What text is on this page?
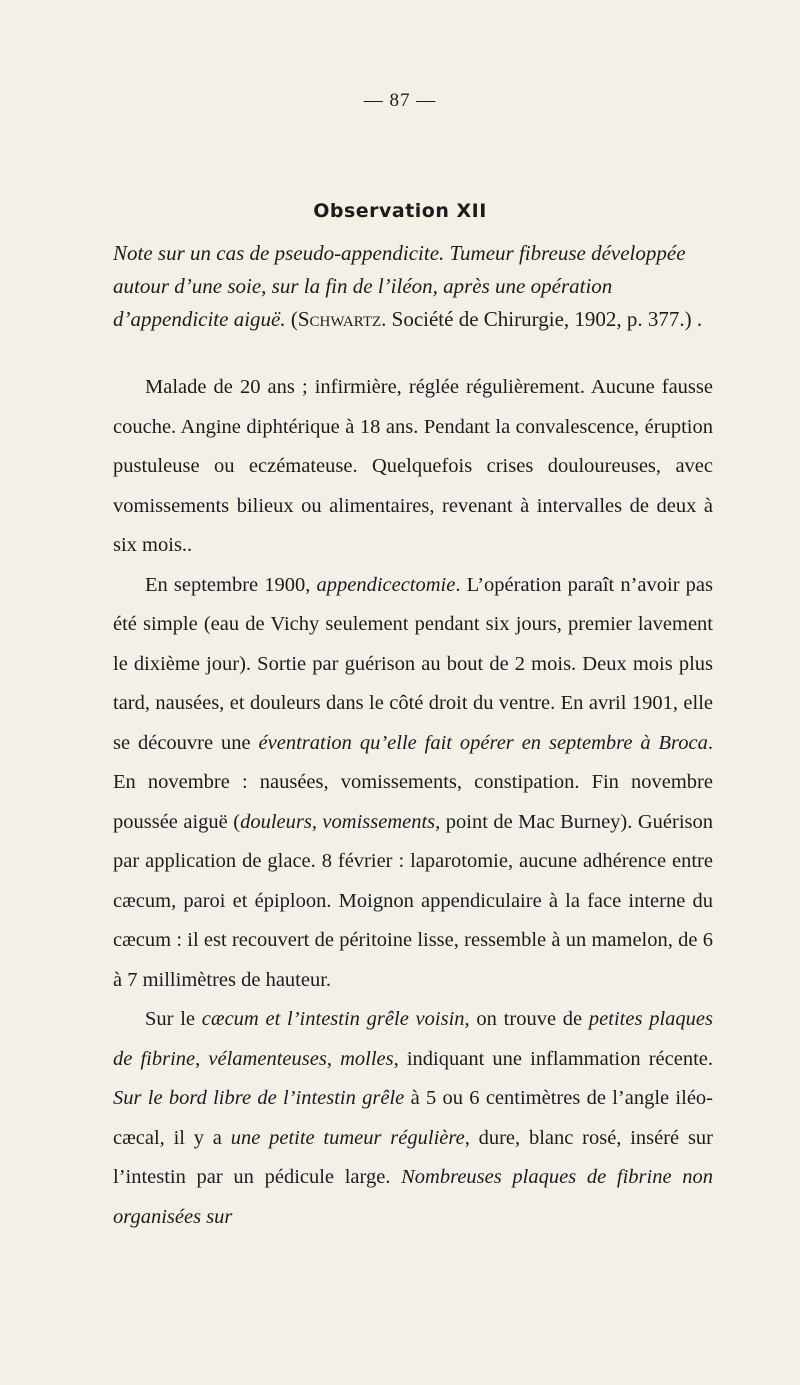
— 87 —
Observation XII

Note sur un cas de pseudo-appendicite. Tumeur fibreuse développée autour d’une soie, sur la fin de l’iléon, après une opération d’appendicite aiguë. (Schwartz. Société de Chirurgie, 1902, p. 377.) .

Malade de 20 ans ; infirmière, réglée régulièrement. Aucune fausse couche. Angine diphtérique à 18 ans. Pendant la convalescence, éruption pustuleuse ou eczémateuse. Quelquefois crises douloureuses, avec vomissements bilieux ou alimentaires, revenant à intervalles de deux à six mois..

En septembre 1900, appendicectomie. L’opération paraît n’avoir pas été simple (eau de Vichy seulement pendant six jours, premier lavement le dixième jour). Sortie par guérison au bout de 2 mois. Deux mois plus tard, nausées, et douleurs dans le côté droit du ventre. En avril 1901, elle se découvre une éventration qu’elle fait opérer en septembre à Broca. En novembre : nausées, vomissements, constipation. Fin novembre poussée aiguë (douleurs, vomissements, point de Mac Burney). Guérison par application de glace. 8 février : laparotomie, aucune adhérence entre cæcum, paroi et épiploon. Moignon appendiculaire à la face interne du cæcum : il est recouvert de péritoine lisse, ressemble à un mamelon, de 6 à 7 millimètres de hauteur.

Sur le cæcum et l’intestin grêle voisin, on trouve de petites plaques de fibrine, vélamenteuses, molles, indiquant une inflammation récente. Sur le bord libre de l’intestin grêle à 5 ou 6 centimètres de l’angle iléo-cæcal, il y a une petite tumeur régulière, dure, blanc rosé, inséré sur l’intestin par un pédicule large. Nombreuses plaques de fibrine non organisées sur
